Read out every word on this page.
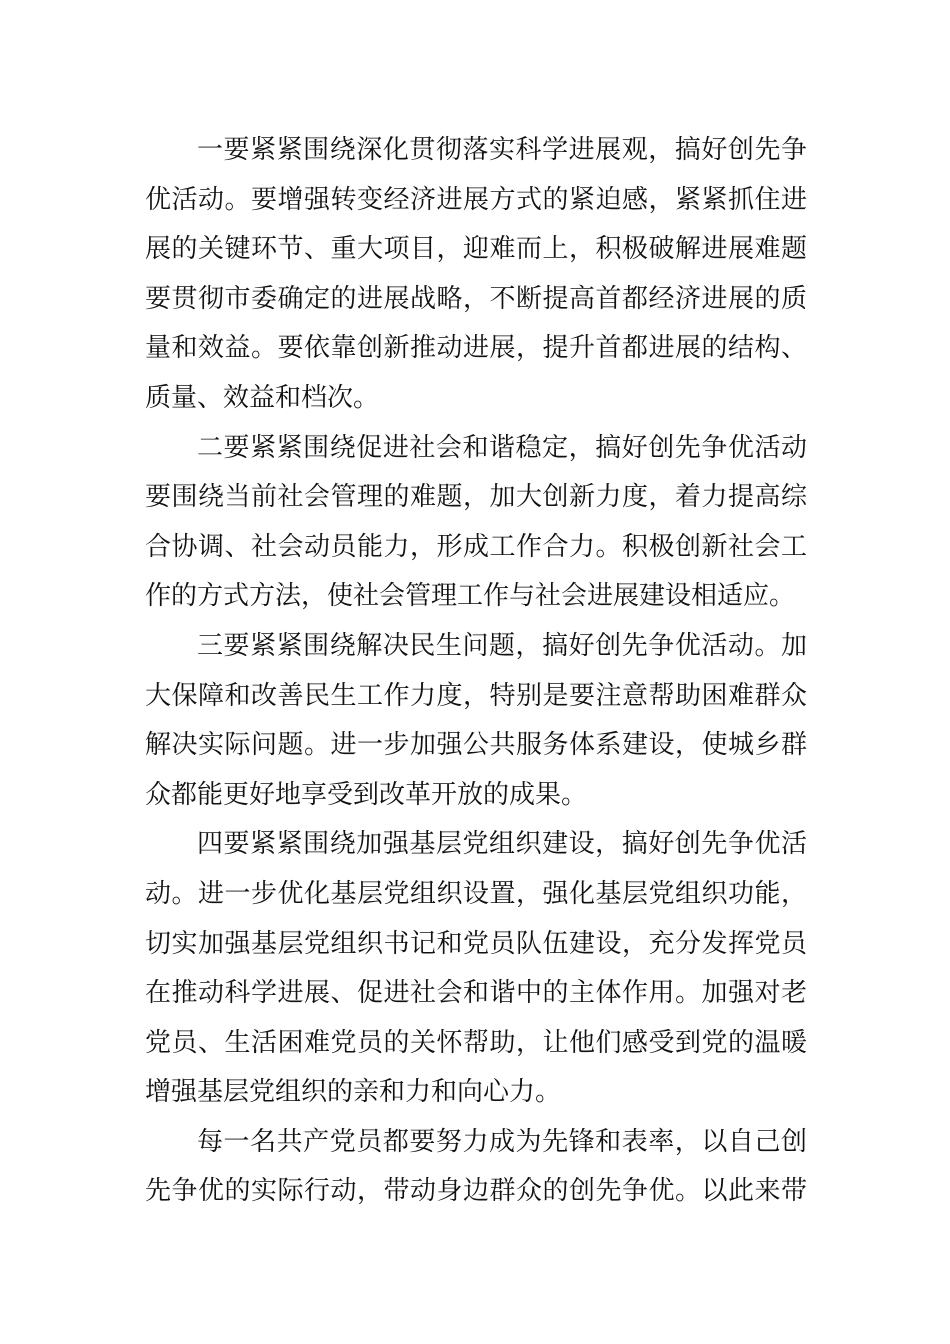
一要紧紧围绕深化贯彻落实科学进展观，搞好创先争
优活动。要增强转变经济进展方式的紧迫感，紧紧抓住进
展的关键环节、重大项目，迎难而上，积极破解进展难题
要贯彻市委确定的进展战略，不断提高首都经济进展的质
量和效益。要依靠创新推动进展，提升首都进展的结构、
质量、效益和档次。
二要紧紧围绕促进社会和谐稳定，搞好创先争优活动
要围绕当前社会管理的难题，加大创新力度，着力提高综
合协调、社会动员能力，形成工作合力。积极创新社会工
作的方式方法，使社会管理工作与社会进展建设相适应。
三要紧紧围绕解决民生问题，搞好创先争优活动。加
大保障和改善民生工作力度，特别是要注意帮助困难群众
解决实际问题。进一步加强公共服务体系建设，使城乡群
众都能更好地享受到改革开放的成果。
四要紧紧围绕加强基层党组织建设，搞好创先争优活
动。进一步优化基层党组织设置，强化基层党组织功能，
切实加强基层党组织书记和党员队伍建设，充分发挥党员
在推动科学进展、促进社会和谐中的主体作用。加强对老
党员、生活困难党员的关怀帮助，让他们感受到党的温暖
增强基层党组织的亲和力和向心力。
每一名共产党员都要努力成为先锋和表率，以自己创
先争优的实际行动，带动身边群众的创先争优。以此来带
